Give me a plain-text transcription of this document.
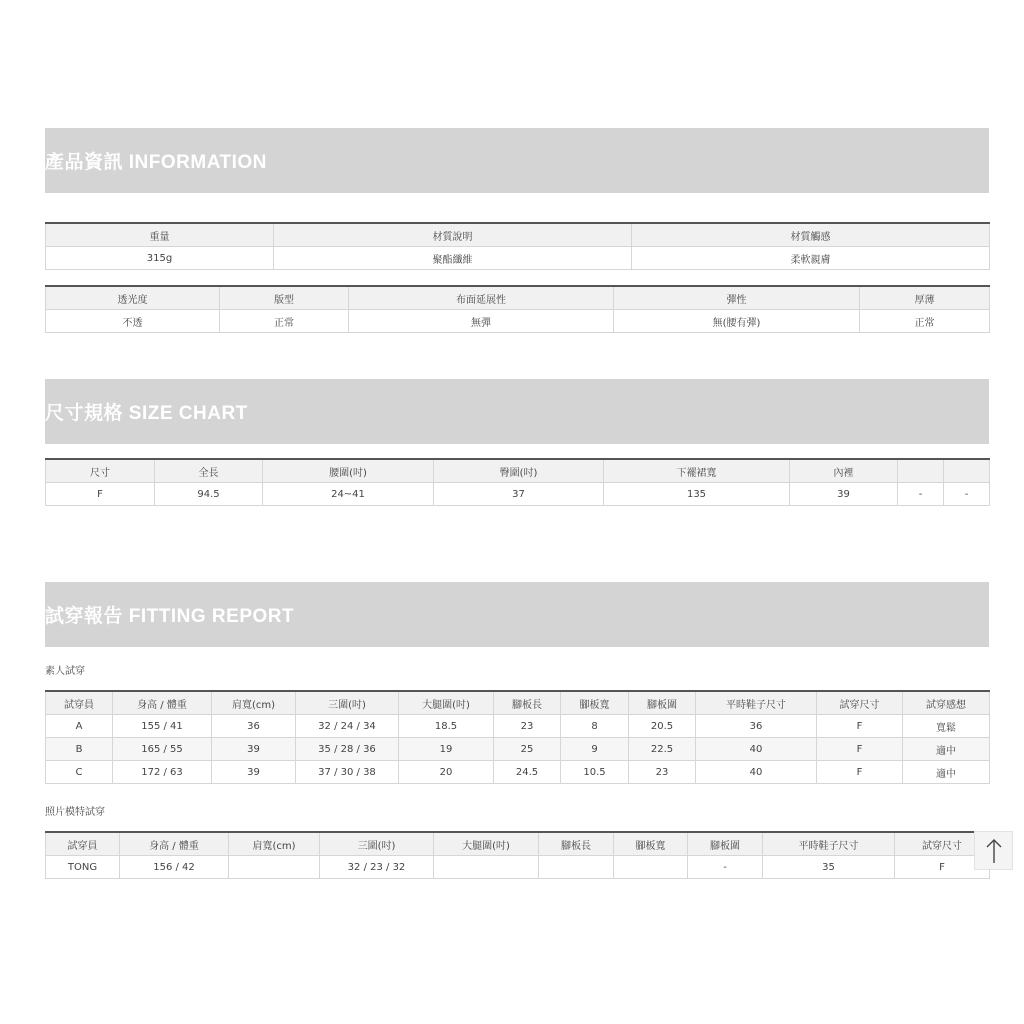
產品資訊 INFORMATION
重量	材質說明	材質觸感
315g	聚酯纖維	柔軟親膚
透光度	版型	布面延展性	彈性	厚薄
不透	正常	無彈	無(腰有彈)	正常
尺寸規格 SIZE CHART
尺寸	全長	腰圍(吋)	臀圍(吋)	下襬裙寬	內裡		
F	94.5	24~41	37	135	39	-	-
試穿報告 FITTING REPORT
素人試穿
試穿員	身高 / 體重	肩寬(cm)	三圍(吋)	大腿圍(吋)	腳板長	腳板寬	腳板圍	平時鞋子尺寸	試穿尺寸	試穿感想
A	155 / 41	36	32 / 24 / 34	18.5	23	8	20.5	36	F	寬鬆
B	165 / 55	39	35 / 28 / 36	19	25	9	22.5	40	F	適中
C	172 / 63	39	37 / 30 / 38	20	24.5	10.5	23	40	F	適中
照片模特試穿
試穿員	身高 / 體重	肩寬(cm)	三圍(吋)	大腿圍(吋)	腳板長	腳板寬	腳板圍	平時鞋子尺寸	試穿尺寸
TONG	156 / 42		32 / 23 / 32				-	35	F
